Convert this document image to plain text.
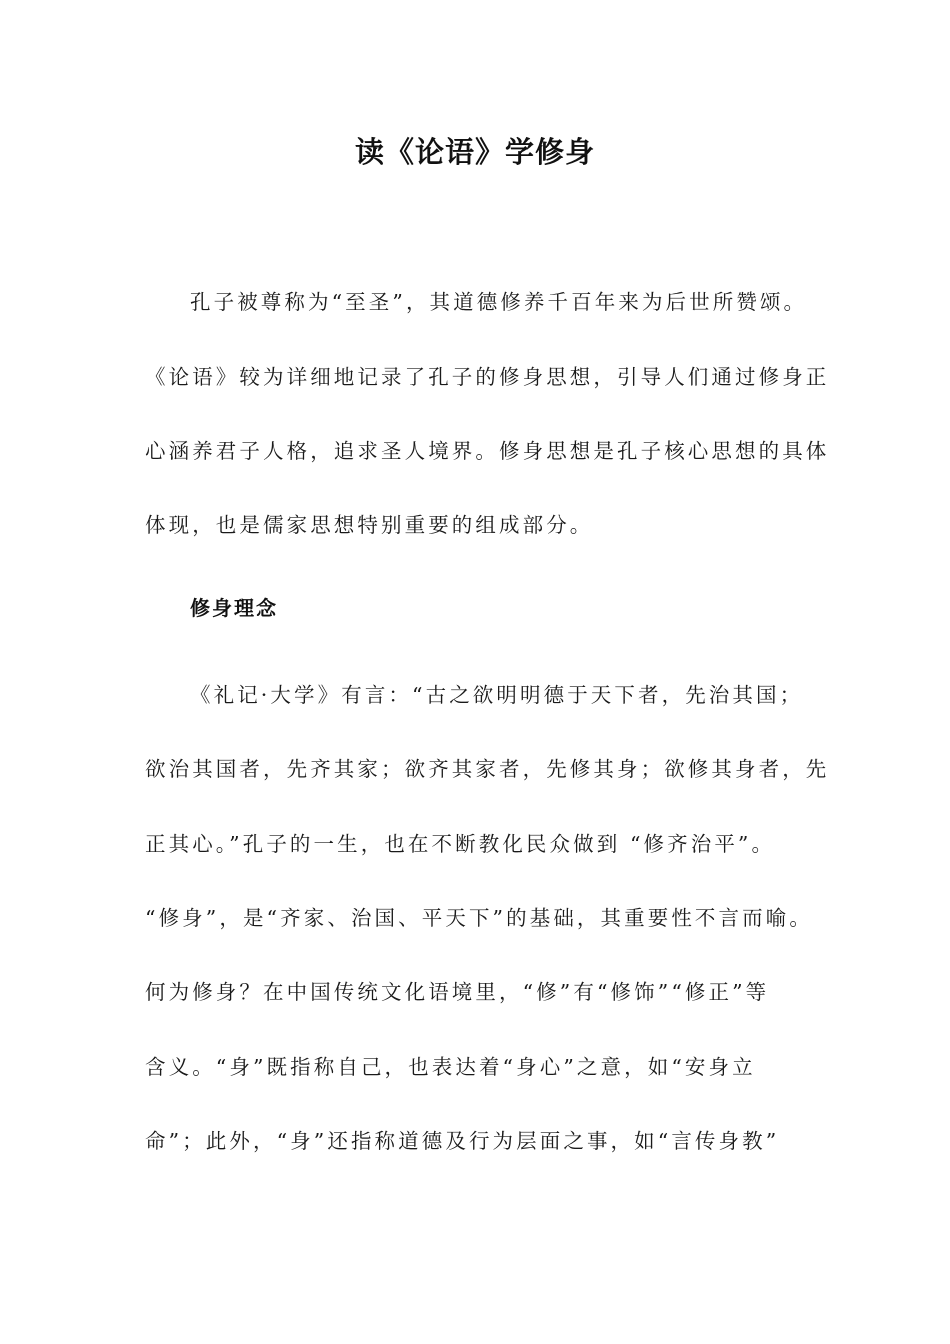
读《论语》学修身
孔子被尊称为“至圣”，其道德修养千百年来为后世所赞颂。
《论语》较为详细地记录了孔子的修身思想，引导人们通过修身正
心涵养君子人格，追求圣人境界。修身思想是孔子核心思想的具体
体现，也是儒家思想特别重要的组成部分。
修身理念
《礼记·大学》有言：“古之欲明明德于天下者，先治其国；
欲治其国者，先齐其家；欲齐其家者，先修其身；欲修其身者，先
正其心。”孔子的一生，也在不断教化民众做到 “修齐治平”。
“修身”，是“齐家、治国、平天下”的基础，其重要性不言而喻。
何为修身？在中国传统文化语境里，“修”有“修饰”“修正”等
含义。“身”既指称自己，也表达着“身心”之意，如“安身立
命”；此外，“身”还指称道德及行为层面之事，如“言传身教”
